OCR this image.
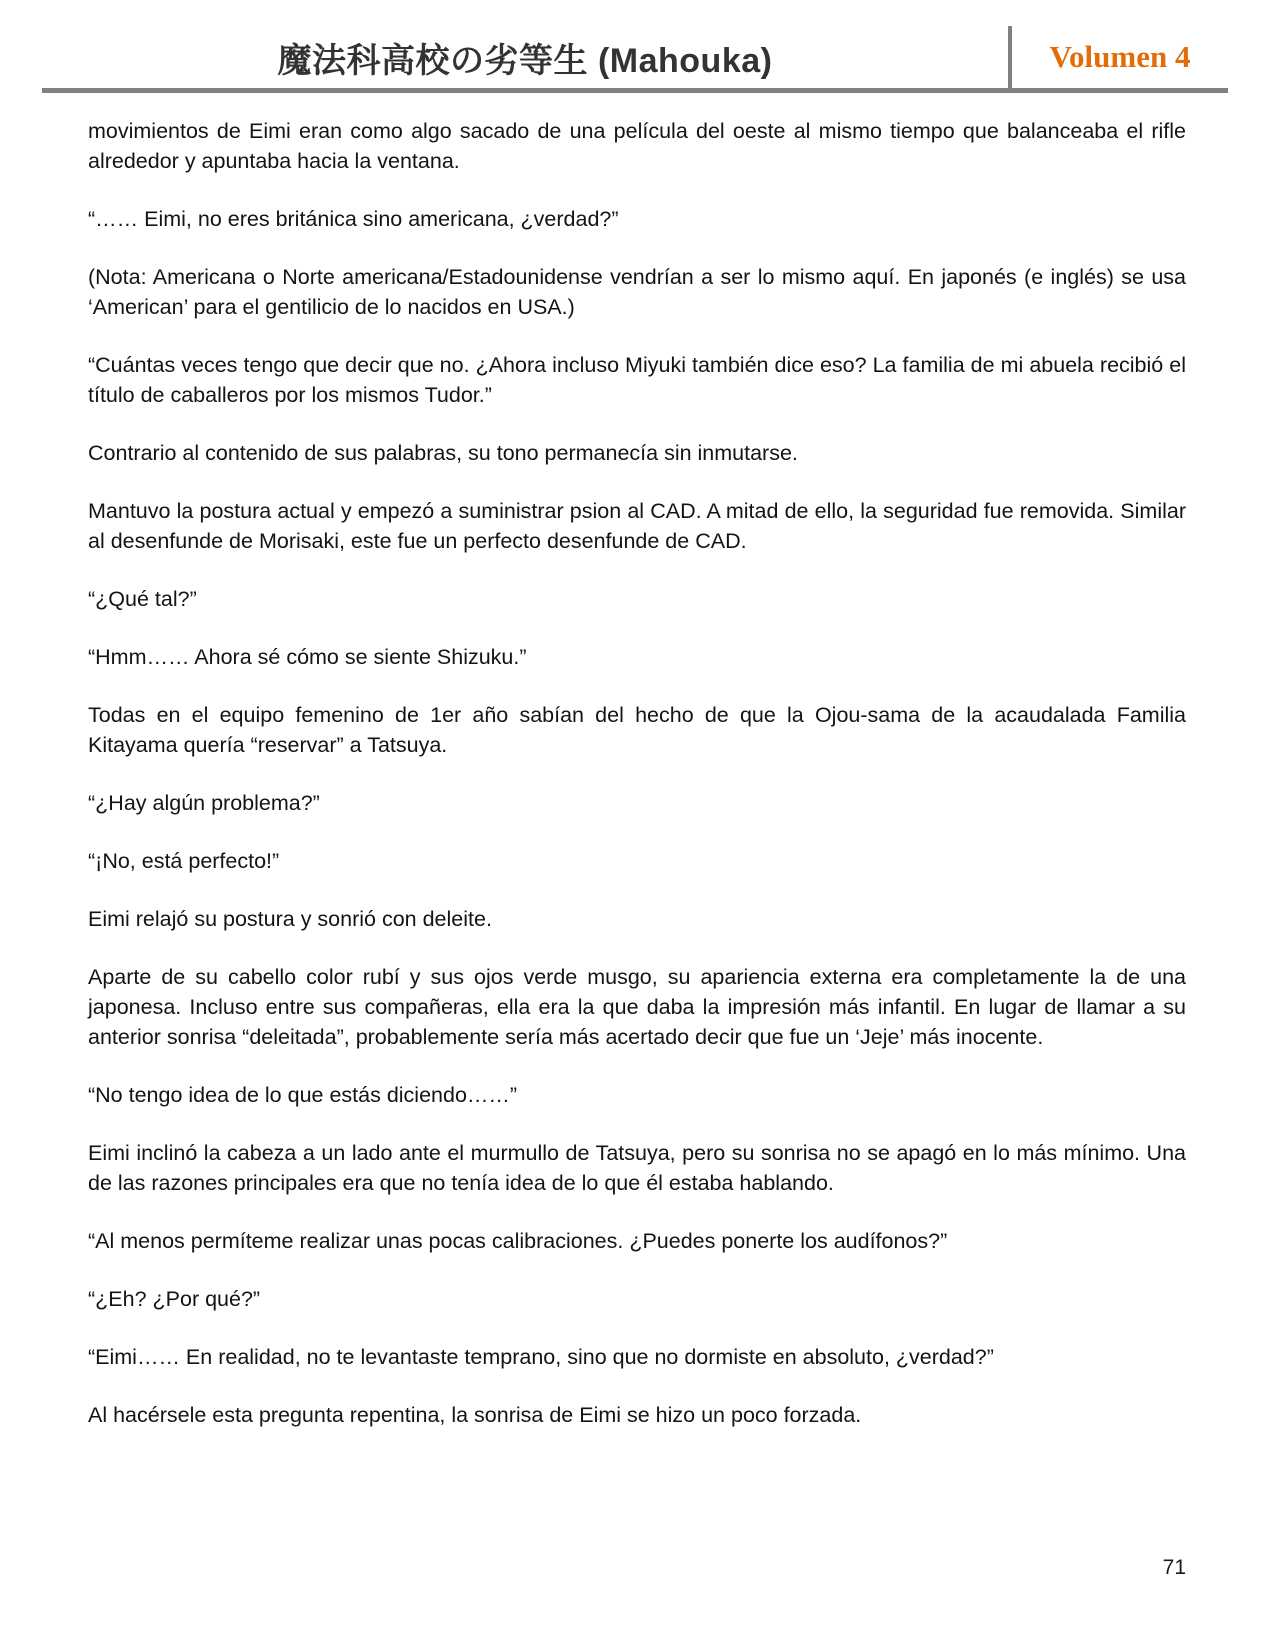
魔法科高校の劣等生 (Mahouka)	Volumen 4

movimientos de Eimi eran como algo sacado de una película del oeste al mismo tiempo que balanceaba el rifle alrededor y apuntaba hacia la ventana.

“…… Eimi, no eres británica sino americana, ¿verdad?”

(Nota: Americana o Norte americana/Estadounidense vendrían a ser lo mismo aquí. En japonés (e inglés) se usa ‘American’ para el gentilicio de lo nacidos en USA.)

“Cuántas veces tengo que decir que no. ¿Ahora incluso Miyuki también dice eso? La familia de mi abuela recibió el título de caballeros por los mismos Tudor.”

Contrario al contenido de sus palabras, su tono permanecía sin inmutarse.

Mantuvo la postura actual y empezó a suministrar psion al CAD. A mitad de ello, la seguridad fue removida. Similar al desenfunde de Morisaki, este fue un perfecto desenfunde de CAD.

“¿Qué tal?”

“Hmm…… Ahora sé cómo se siente Shizuku.”

Todas en el equipo femenino de 1er año sabían del hecho de que la Ojou-sama de la acaudalada Familia Kitayama quería “reservar” a Tatsuya.

“¿Hay algún problema?”

“¡No, está perfecto!”

Eimi relajó su postura y sonrió con deleite.

Aparte de su cabello color rubí y sus ojos verde musgo, su apariencia externa era completamente la de una japonesa. Incluso entre sus compañeras, ella era la que daba la impresión más infantil. En lugar de llamar a su anterior sonrisa “deleitada”, probablemente sería más acertado decir que fue un ‘Jeje’ más inocente.

“No tengo idea de lo que estás diciendo……”

Eimi inclinó la cabeza a un lado ante el murmullo de Tatsuya, pero su sonrisa no se apagó en lo más mínimo. Una de las razones principales era que no tenía idea de lo que él estaba hablando.

“Al menos permíteme realizar unas pocas calibraciones. ¿Puedes ponerte los audífonos?”

“¿Eh? ¿Por qué?”

“Eimi…… En realidad, no te levantaste temprano, sino que no dormiste en absoluto, ¿verdad?”

Al hacérsele esta pregunta repentina, la sonrisa de Eimi se hizo un poco forzada.

71
